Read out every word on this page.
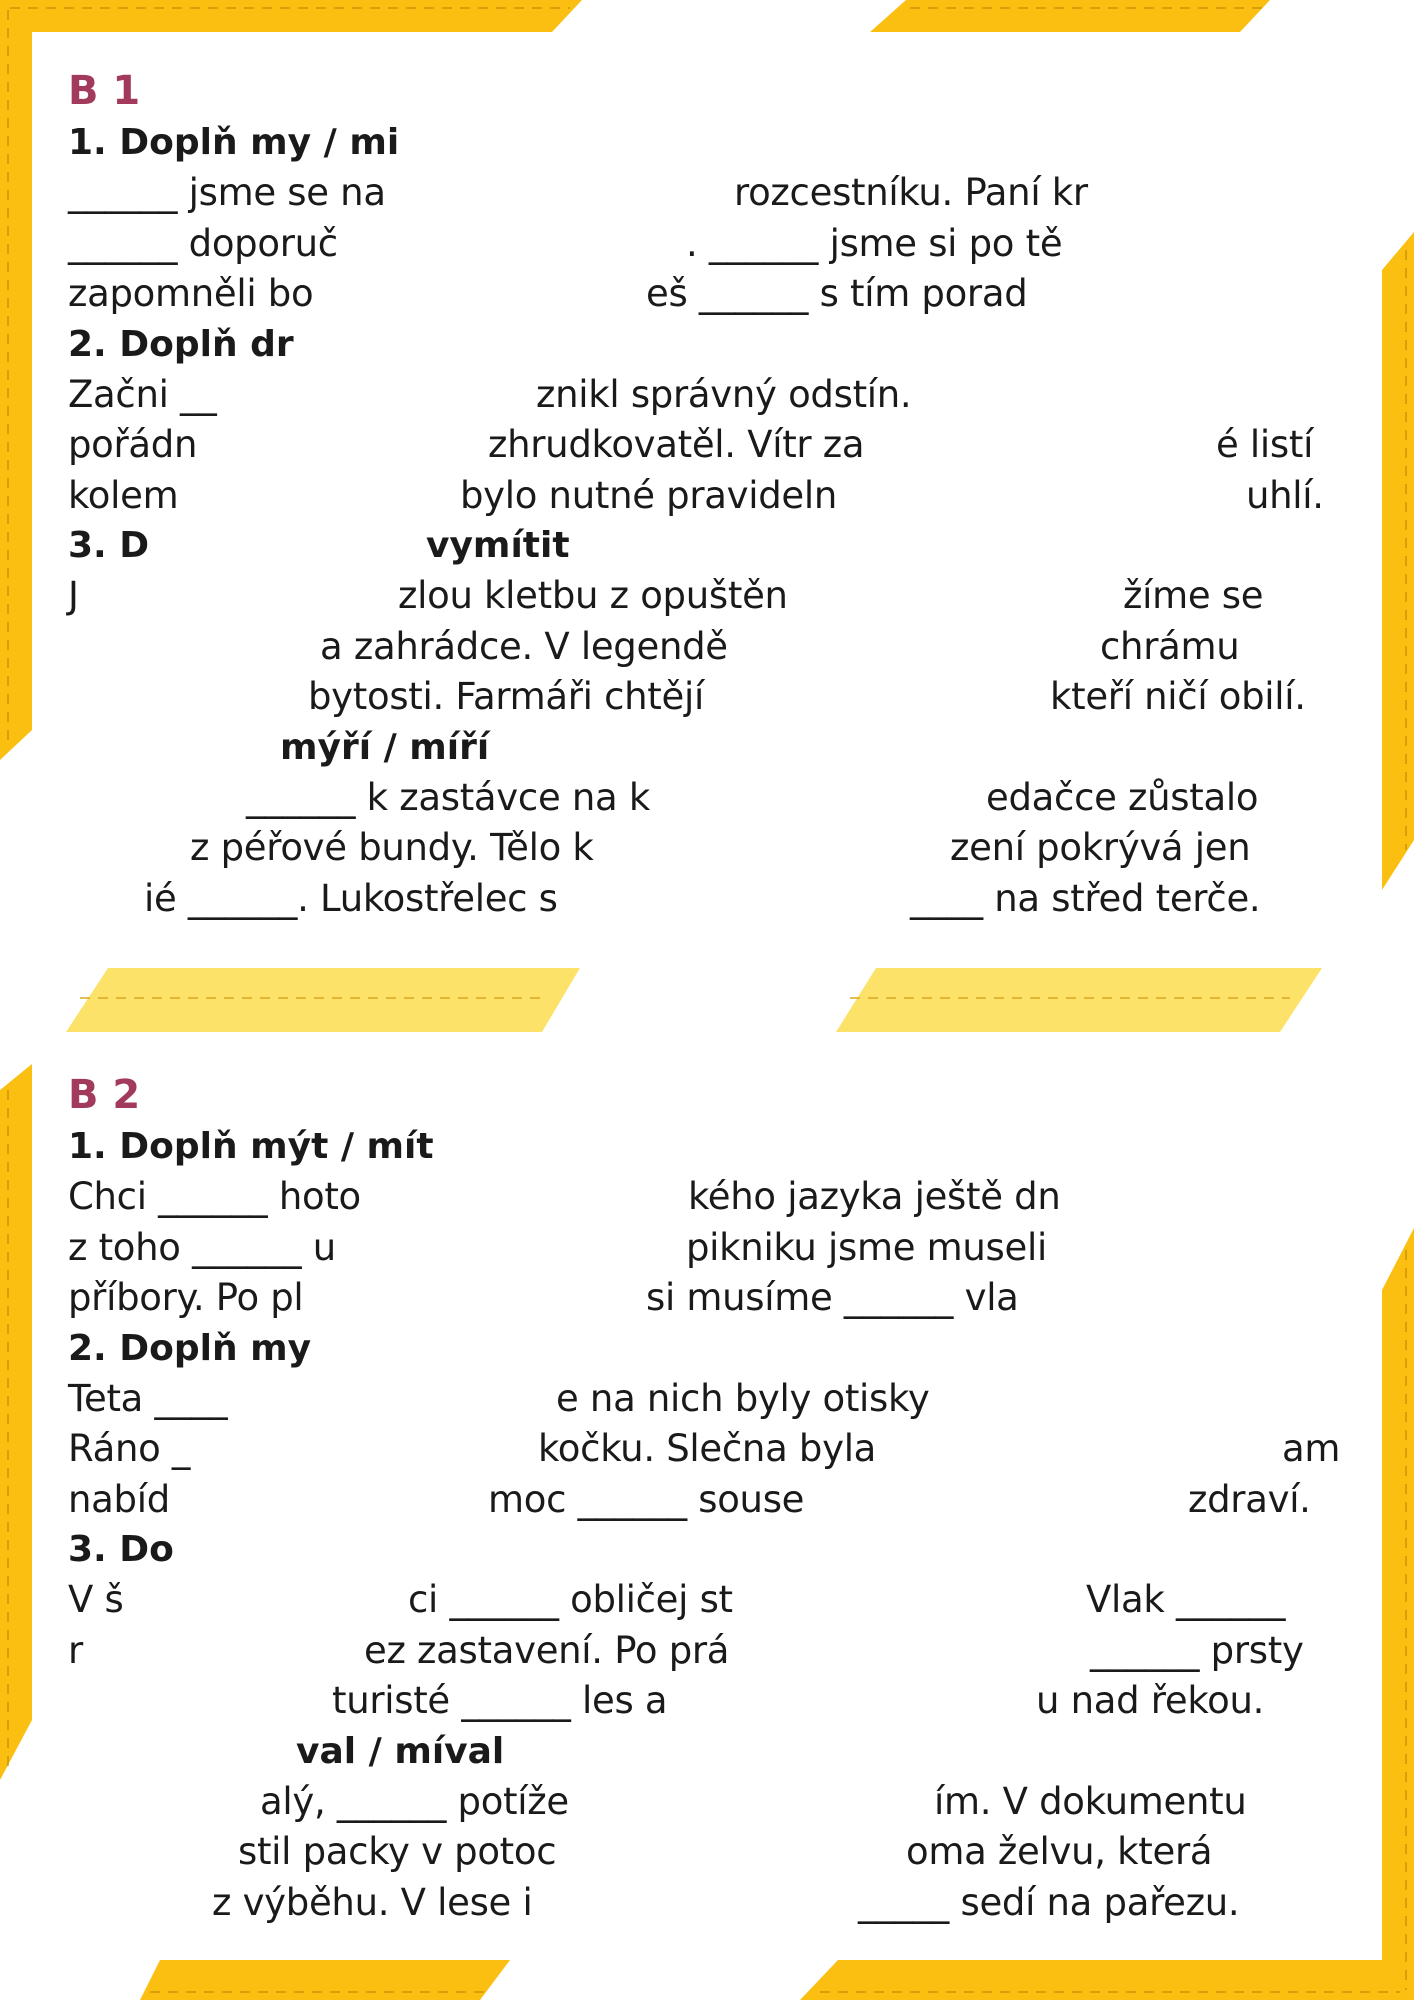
B 1
1. Doplň my / mi
______ jsme se na	rozcestníku. Paní kr
______ doporuč	. ______ jsme si po tě
zapomněli bo	eš ______ s tím porad
2. Doplň dr
Začni __	znikl správný odstín.
pořádn	zhrudkovatěl. Vítr za	é listí
kolem	bylo nutné pravideln	uhlí.
3. D	vymítit
J	zlou kletbu z opuštěn	žíme se
a zahrádce. V legendě	chrámu
bytosti. Farmáři chtějí	kteří ničí obilí.
mýří / míří
______ k zastávce na k	edačce zůstalo
z péřové bundy. Tělo k	zení pokrývá jen
ié ______. Lukostřelec s	____ na střed terče.
B 2
1. Doplň mýt / mít
Chci ______ hoto	kého jazyka ještě dn
z toho ______ u	pikniku jsme museli
příbory. Po pl	si musíme ______ vla
2. Doplň my
Teta ____	e na nich byly otisky
Ráno _	kočku. Slečna byla	am
nabíd	moc ______ souse	zdraví.
3. Do
V š	ci ______ obličej st	Vlak ______
r	ez zastavení. Po prá	______ prsty
turisté ______ les a	u nad řekou.
val / míval
alý, ______ potíže	ím. V dokumentu
stil packy v potoc	oma želvu, která
z výběhu. V lese i	_____ sedí na pařezu.
